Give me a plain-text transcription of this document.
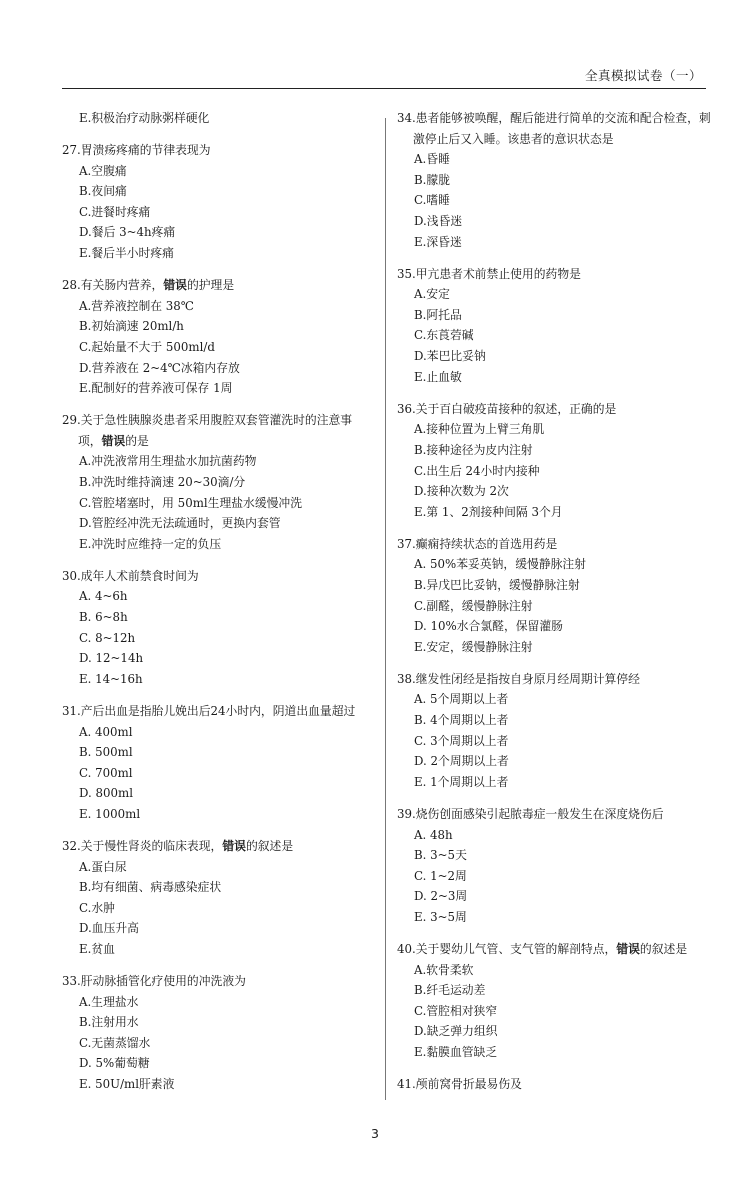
全真模拟试卷（一）
E.积极治疗动脉粥样硬化
27.胃溃疡疼痛的节律表现为
A.空腹痛
B.夜间痛
C.进餐时疼痛
D.餐后 3~4h疼痛
E.餐后半小时疼痛
28.有关肠内营养，错误的护理是
A.营养液控制在 38℃
B.初始滴速 20ml/h
C.起始量不大于 500ml/d
D.营养液在 2~4℃冰箱内存放
E.配制好的营养液可保存 1周
29.关于急性胰腺炎患者采用腹腔双套管灌洗时的注意事项，错误的是
A.冲洗液常用生理盐水加抗菌药物
B.冲洗时维持滴速 20~30滴/分
C.管腔堵塞时，用 50ml生理盐水缓慢冲洗
D.管腔经冲洗无法疏通时，更换内套管
E.冲洗时应维持一定的负压
30.成年人术前禁食时间为
A. 4~6h
B. 6~8h
C. 8~12h
D. 12~14h
E. 14~16h
31.产后出血是指胎儿娩出后24小时内，阴道出血量超过
A. 400ml
B. 500ml
C. 700ml
D. 800ml
E. 1000ml
32.关于慢性肾炎的临床表现，错误的叙述是
A.蛋白尿
B.均有细菌、病毒感染症状
C.水肿
D.血压升高
E.贫血
33.肝动脉插管化疗使用的冲洗液为
A.生理盐水
B.注射用水
C.无菌蒸馏水
D. 5%葡萄糖
E. 50U/ml肝素液
34.患者能够被唤醒，醒后能进行简单的交流和配合检查，刺激停止后又入睡。该患者的意识状态是
A.昏睡
B.朦胧
C.嗜睡
D.浅昏迷
E.深昏迷
35.甲亢患者术前禁止使用的药物是
A.安定
B.阿托品
C.东莨菪碱
D.苯巴比妥钠
E.止血敏
36.关于百白破疫苗接种的叙述，正确的是
A.接种位置为上臂三角肌
B.接种途径为皮内注射
C.出生后 24小时内接种
D.接种次数为 2次
E.第 1、2剂接种间隔 3个月
37.癫痫持续状态的首选用药是
A. 50%苯妥英钠，缓慢静脉注射
B.异戊巴比妥钠，缓慢静脉注射
C.副醛，缓慢静脉注射
D. 10%水合氯醛，保留灌肠
E.安定，缓慢静脉注射
38.继发性闭经是指按自身原月经周期计算停经
A. 5个周期以上者
B. 4个周期以上者
C. 3个周期以上者
D. 2个周期以上者
E. 1个周期以上者
39.烧伤创面感染引起脓毒症一般发生在深度烧伤后
A. 48h
B. 3~5天
C. 1~2周
D. 2~3周
E. 3~5周
40.关于婴幼儿气管、支气管的解剖特点，错误的叙述是
A.软骨柔软
B.纤毛运动差
C.管腔相对狭窄
D.缺乏弹力组织
E.黏膜血管缺乏
41.颅前窝骨折最易伤及
3
